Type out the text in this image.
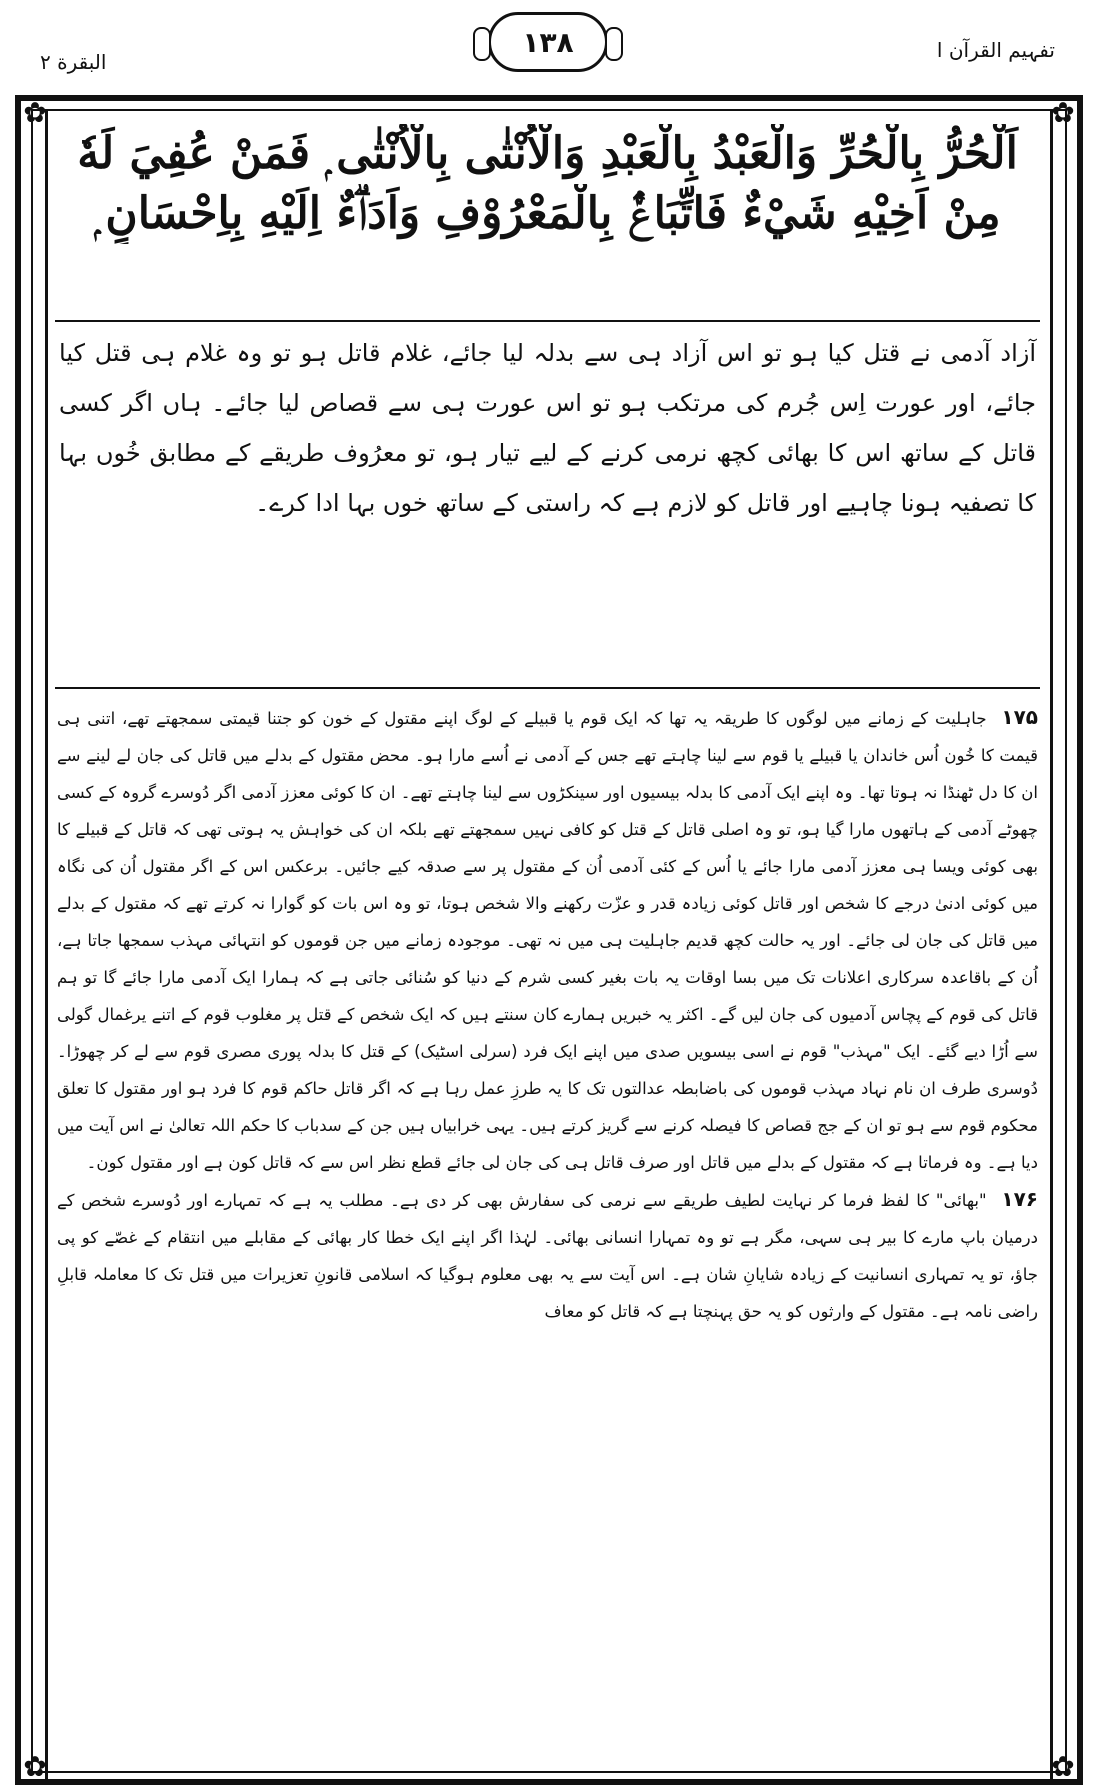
تفہیم القرآن ا
۱۳۸
البقرة ۲
✿	✿
✿	✿
اَلْحُرُّ بِالْحُرِّ وَالْعَبْدُ بِالْعَبْدِ وَالْاُنْثٰى بِالْاُنْثٰى ۭ فَمَنْ عُفِيَ لَهٗ
مِنْ اَخِيْهِ شَيْءٌ فَاتِّبَاعٌۢ بِالْمَعْرُوْفِ وَاَدَاۗءٌ اِلَيْهِ بِاِحْسَانٍ ۭ

آزاد آدمی نے قتل کیا ہو تو اس آزاد ہی سے بدلہ لیا جائے، غلام قاتل ہو تو وہ غلام ہی قتل کیا جائے، اور عورت اِس جُرم کی مرتکب ہو تو اس عورت ہی سے قصاص لیا جائے۔ ہاں اگر کسی قاتل کے ساتھ اس کا بھائی کچھ نرمی کرنے کے لیے تیار ہو، تو معرُوف طریقے کے مطابق خُوں بہا کا تصفیہ ہونا چاہیے اور قاتل کو لازم ہے کہ راستی کے ساتھ خوں بہا ادا کرے۔

۱۷۵ جاہلیت کے زمانے میں لوگوں کا طریقہ یہ تھا کہ ایک قوم یا قبیلے کے لوگ اپنے مقتول کے خون کو جتنا قیمتی سمجھتے تھے، اتنی ہی قیمت کا خُون اُس خاندان یا قبیلے یا قوم سے لینا چاہتے تھے جس کے آدمی نے اُسے مارا ہو۔ محض مقتول کے بدلے میں قاتل کی جان لے لینے سے ان کا دل ٹھنڈا نہ ہوتا تھا۔ وہ اپنے ایک آدمی کا بدلہ بیسیوں اور سینکڑوں سے لینا چاہتے تھے۔ ان کا کوئی معزز آدمی اگر دُوسرے گروہ کے کسی چھوٹے آدمی کے ہاتھوں مارا گیا ہو، تو وہ اصلی قاتل کے قتل کو کافی نہیں سمجھتے تھے بلکہ ان کی خواہش یہ ہوتی تھی کہ قاتل کے قبیلے کا بھی کوئی ویسا ہی معزز آدمی مارا جائے یا اُس کے کئی آدمی اُن کے مقتول پر سے صدقہ کیے جائیں۔ برعکس اس کے اگر مقتول اُن کی نگاہ میں کوئی ادنیٰ درجے کا شخص اور قاتل کوئی زیادہ قدر و عزّت رکھنے والا شخص ہوتا، تو وہ اس بات کو گوارا نہ کرتے تھے کہ مقتول کے بدلے میں قاتل کی جان لی جائے۔ اور یہ حالت کچھ قدیم جاہلیت ہی میں نہ تھی۔ موجودہ زمانے میں جن قوموں کو انتہائی مہذب سمجھا جاتا ہے، اُن کے باقاعدہ سرکاری اعلانات تک میں بسا اوقات یہ بات بغیر کسی شرم کے دنیا کو سُنائی جاتی ہے کہ ہمارا ایک آدمی مارا جائے گا تو ہم قاتل کی قوم کے پچاس آدمیوں کی جان لیں گے۔ اکثر یہ خبریں ہمارے کان سنتے ہیں کہ ایک شخص کے قتل پر مغلوب قوم کے اتنے یرغمال گولی سے اُڑا دیے گئے۔ ایک "مہذب" قوم نے اسی بیسویں صدی میں اپنے ایک فرد (سرلی اسٹیک) کے قتل کا بدلہ پوری مصری قوم سے لے کر چھوڑا۔ دُوسری طرف ان نام نہاد مہذب قوموں کی باضابطہ عدالتوں تک کا یہ طرزِ عمل رہا ہے کہ اگر قاتل حاکم قوم کا فرد ہو اور مقتول کا تعلق محکوم قوم سے ہو تو ان کے جج قصاص کا فیصلہ کرنے سے گریز کرتے ہیں۔ یہی خرابیاں ہیں جن کے سدباب کا حکم اللہ تعالیٰ نے اس آیت میں دیا ہے۔ وہ فرماتا ہے کہ مقتول کے بدلے میں قاتل اور صرف قاتل ہی کی جان لی جائے قطع نظر اس سے کہ قاتل کون ہے اور مقتول کون۔

۱۷۶ "بھائی" کا لفظ فرما کر نہایت لطیف طریقے سے نرمی کی سفارش بھی کر دی ہے۔ مطلب یہ ہے کہ تمہارے اور دُوسرے شخص کے درمیان باپ مارے کا بیر ہی سہی، مگر ہے تو وہ تمہارا انسانی بھائی۔ لہٰذا اگر اپنے ایک خطا کار بھائی کے مقابلے میں انتقام کے غصّے کو پی جاؤ، تو یہ تمہاری انسانیت کے زیادہ شایانِ شان ہے۔ اس آیت سے یہ بھی معلوم ہوگیا کہ اسلامی قانونِ تعزیرات میں قتل تک کا معاملہ قابلِ راضی نامہ ہے۔ مقتول کے وارثوں کو یہ حق پہنچتا ہے کہ قاتل کو معاف
